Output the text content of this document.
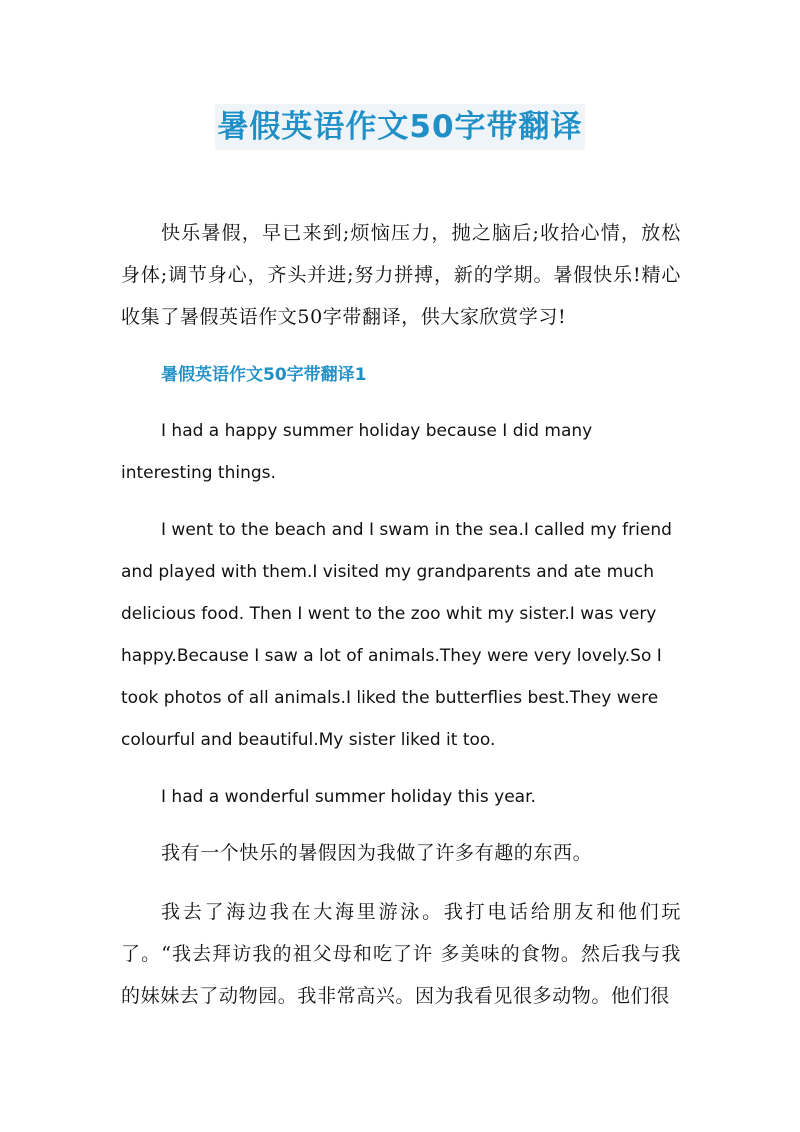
暑假英语作文50字带翻译

快乐暑假，早已来到;烦恼压力，抛之脑后;收拾心情，放松身体;调节身心，齐头并进;努力拼搏，新的学期。暑假快乐!精心收集了暑假英语作文50字带翻译，供大家欣赏学习!

暑假英语作文50字带翻译1

I had a happy summer holiday because I did many interesting things.

I went to the beach and I swam in the sea.I called my friend and played with them.I visited my grandparents and ate much delicious food. Then I went to the zoo whit my sister.I was very happy.Because I saw a lot of animals.They were very lovely.So I took photos of all animals.I liked the butterflies best.They were colourful and beautiful.My sister liked it too.

I had a wonderful summer holiday this year.

我有一个快乐的暑假因为我做了许多有趣的东西。

我去了海边我在大海里游泳。我打电话给朋友和他们玩了。“我去拜访我的祖父母和吃了许 多美味的食物。然后我与我的妹妹去了动物园。我非常高兴。因为我看见很多动物。他们很
